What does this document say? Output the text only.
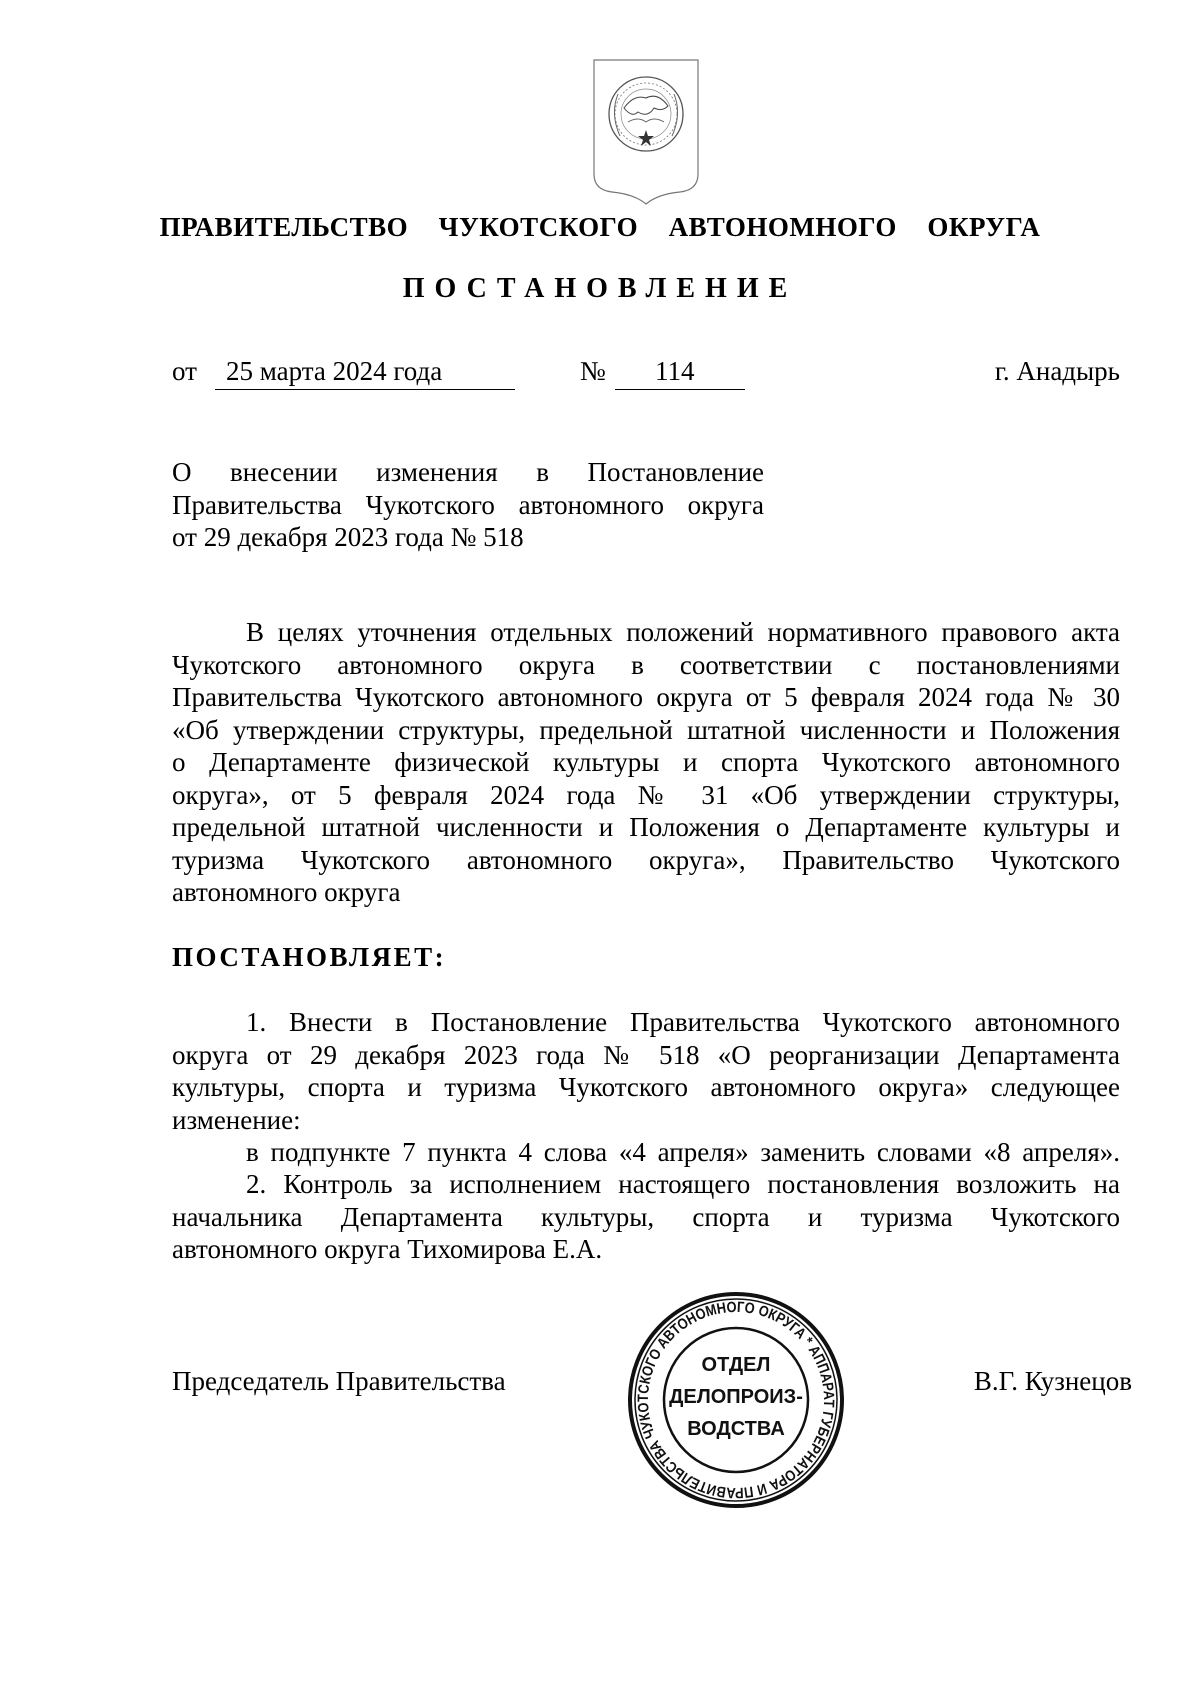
ПРАВИТЕЛЬСТВО  ЧУКОТСКОГО  АВТОНОМНОГО  ОКРУГА
ПОСТАНОВЛЕНИЕ
от	25 марта 2024 года	№	114	г. Анадырь
О внесении изменения в Постановление
Правительства Чукотского автономного округа
от 29 декабря 2023 года № 518
В целях уточнения отдельных положений нормативного правового акта
Чукотского автономного округа в соответствии с постановлениями
Правительства Чукотского автономного округа от 5 февраля 2024 года № 30
«Об утверждении структуры, предельной штатной численности и Положения
о Департаменте физической культуры и спорта Чукотского автономного
округа», от 5 февраля 2024 года № 31 «Об утверждении структуры,
предельной штатной численности и Положения о Департаменте культуры и
туризма Чукотского автономного округа», Правительство Чукотского
автономного округа
ПОСТАНОВЛЯЕТ:
1. Внести в Постановление Правительства Чукотского автономного
округа от 29 декабря 2023 года № 518 «О реорганизации Департамента
культуры, спорта и туризма Чукотского автономного округа» следующее
изменение:
в подпункте 7 пункта 4 слова «4 апреля» заменить словами «8 апреля».
2. Контроль за исполнением настоящего постановления возложить на
начальника Департамента культуры, спорта и туризма Чукотского
автономного округа Тихомирова Е.А.
Председатель Правительства	В.Г. Кузнецов
АППАРАТ ГУБЕРНАТОРА И ПРАВИТЕЛЬСТВА ЧУКОТСКОГО АВТОНОМНОГО ОКРУГА *
ОТДЕЛ
ДЕЛОПРОИЗ-
ВОДСТВА
